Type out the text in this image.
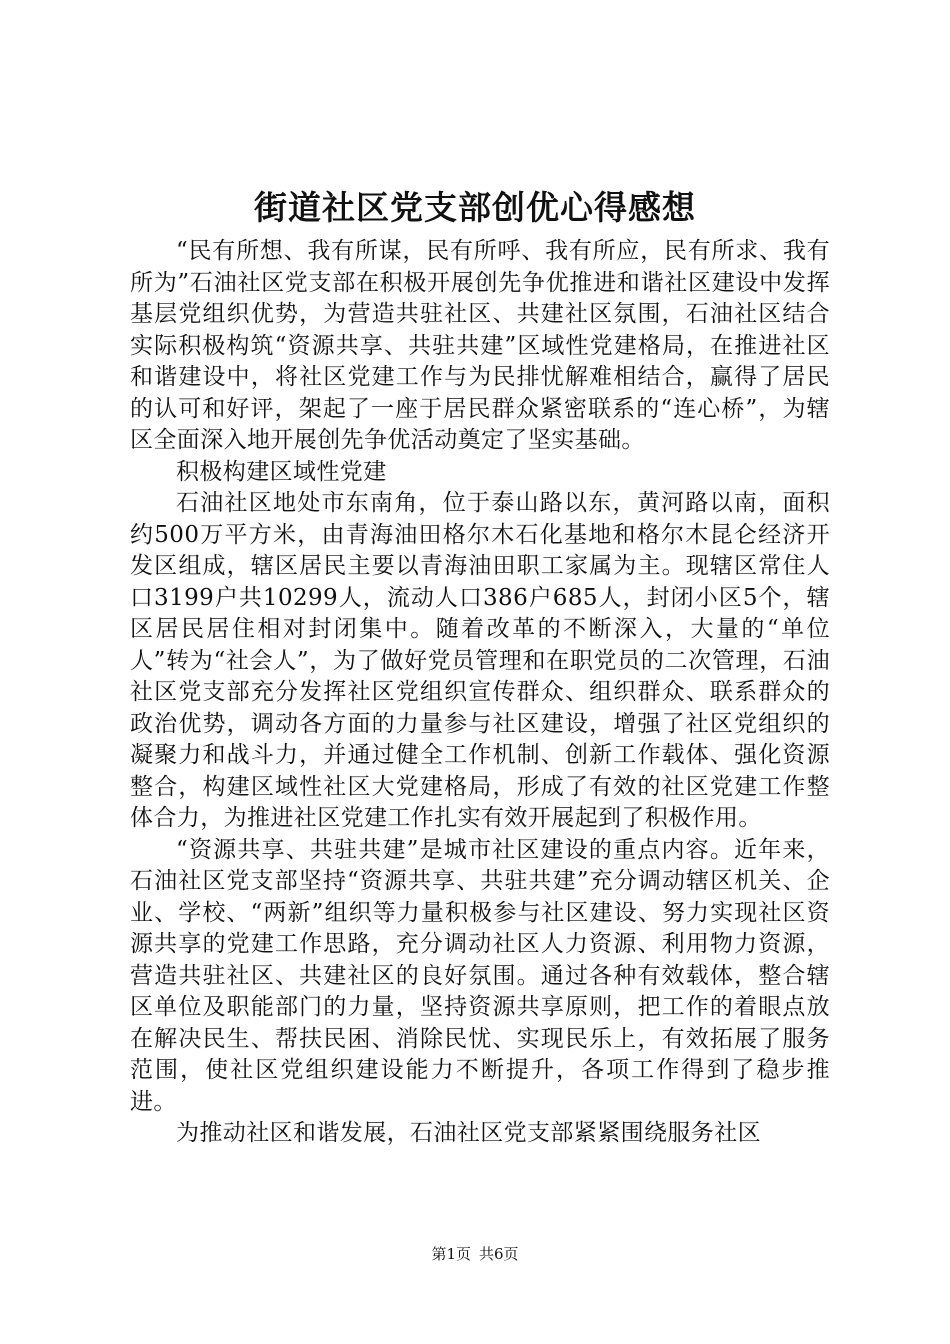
街道社区党支部创优心得感想

“民有所想、我有所谋，民有所呼、我有所应，民有所求、我有所为”石油社区党支部在积极开展创先争优推进和谐社区建设中发挥基层党组织优势，为营造共驻社区、共建社区氛围，石油社区结合实际积极构筑“资源共享、共驻共建”区域性党建格局，在推进社区和谐建设中，将社区党建工作与为民排忧解难相结合，赢得了居民的认可和好评，架起了一座于居民群众紧密联系的“连心桥”，为辖区全面深入地开展创先争优活动奠定了坚实基础。

积极构建区域性党建

石油社区地处市东南角，位于泰山路以东，黄河路以南，面积约500万平方米，由青海油田格尔木石化基地和格尔木昆仑经济开发区组成，辖区居民主要以青海油田职工家属为主。现辖区常住人口3199户共10299人，流动人口386户685人，封闭小区5个，辖区居民居住相对封闭集中。随着改革的不断深入，大量的“单位人”转为“社会人”，为了做好党员管理和在职党员的二次管理，石油社区党支部充分发挥社区党组织宣传群众、组织群众、联系群众的政治优势，调动各方面的力量参与社区建设，增强了社区党组织的凝聚力和战斗力，并通过健全工作机制、创新工作载体、强化资源整合，构建区域性社区大党建格局，形成了有效的社区党建工作整体合力，为推进社区党建工作扎实有效开展起到了积极作用。

“资源共享、共驻共建”是城市社区建设的重点内容。近年来，石油社区党支部坚持“资源共享、共驻共建”充分调动辖区机关、企业、学校、“两新”组织等力量积极参与社区建设、努力实现社区资源共享的党建工作思路，充分调动社区人力资源、利用物力资源，营造共驻社区、共建社区的良好氛围。通过各种有效载体，整合辖区单位及职能部门的力量，坚持资源共享原则，把工作的着眼点放在解决民生、帮扶民困、消除民忧、实现民乐上，有效拓展了服务范围，使社区党组织建设能力不断提升，各项工作得到了稳步推进。

为推动社区和谐发展，石油社区党支部紧紧围绕服务社区

第1页 共6页
